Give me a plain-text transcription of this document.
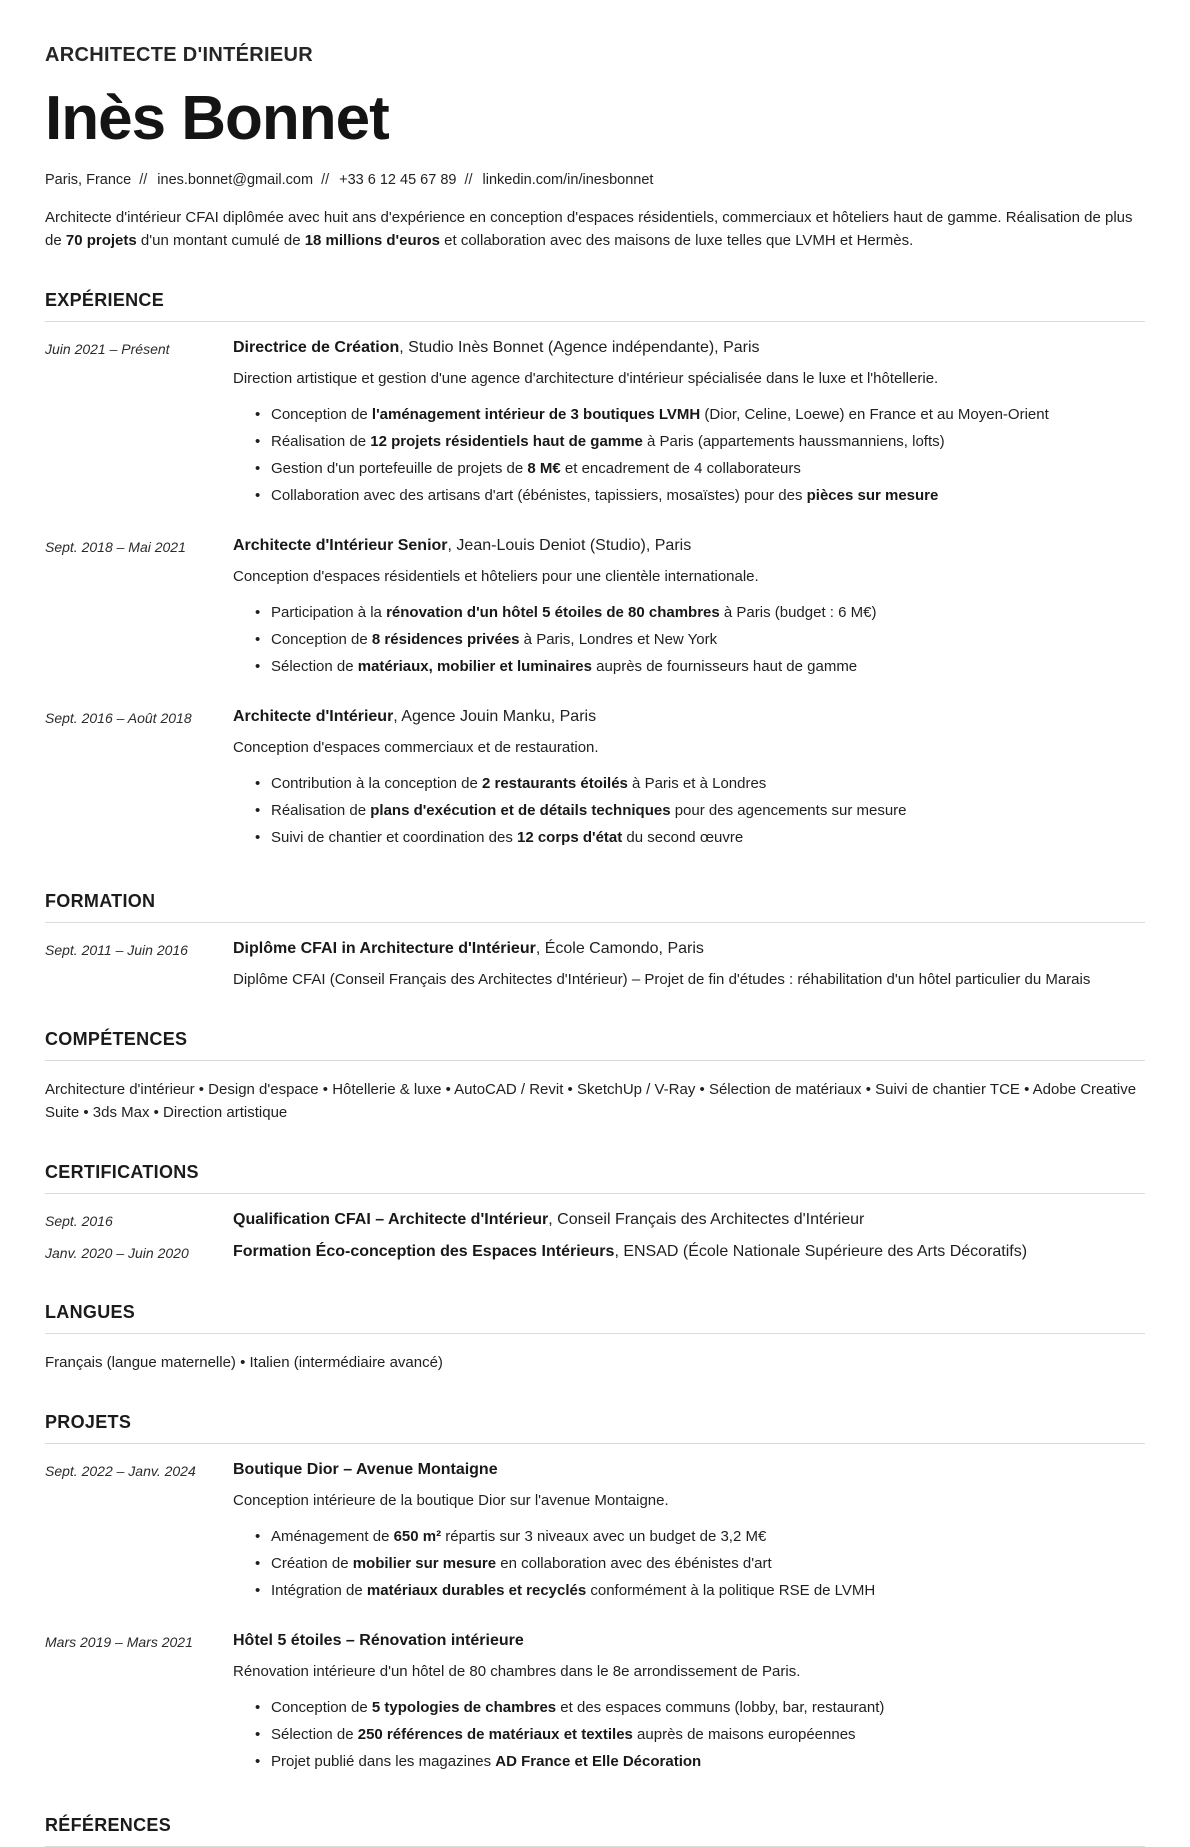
ARCHITECTE D'INTÉRIEUR
Inès Bonnet
Paris, France // ines.bonnet@gmail.com // +33 6 12 45 67 89 // linkedin.com/in/inesbonnet

Architecte d'intérieur CFAI diplômée avec huit ans d'expérience en conception d'espaces résidentiels, commerciaux et hôteliers haut de gamme. Réalisation de plus de 70 projets d'un montant cumulé de 18 millions d'euros et collaboration avec des maisons de luxe telles que LVMH et Hermès.

EXPÉRIENCE
Juin 2021 – Présent	Directrice de Création, Studio Inès Bonnet (Agence indépendante), Paris

Direction artistique et gestion d'une agence d'architecture d'intérieur spécialisée dans le luxe et l'hôtellerie.

• Conception de l'aménagement intérieur de 3 boutiques LVMH (Dior, Celine, Loewe) en France et au Moyen-Orient
• Réalisation de 12 projets résidentiels haut de gamme à Paris (appartements haussmanniens, lofts)
• Gestion d'un portefeuille de projets de 8 M€ et encadrement de 4 collaborateurs
• Collaboration avec des artisans d'art (ébénistes, tapissiers, mosaïstes) pour des pièces sur mesure
Sept. 2018 – Mai 2021	Architecte d'Intérieur Senior, Jean-Louis Deniot (Studio), Paris

Conception d'espaces résidentiels et hôteliers pour une clientèle internationale.

• Participation à la rénovation d'un hôtel 5 étoiles de 80 chambres à Paris (budget : 6 M€)
• Conception de 8 résidences privées à Paris, Londres et New York
• Sélection de matériaux, mobilier et luminaires auprès de fournisseurs haut de gamme
Sept. 2016 – Août 2018	Architecte d'Intérieur, Agence Jouin Manku, Paris

Conception d'espaces commerciaux et de restauration.

• Contribution à la conception de 2 restaurants étoilés à Paris et à Londres
• Réalisation de plans d'exécution et de détails techniques pour des agencements sur mesure
• Suivi de chantier et coordination des 12 corps d'état du second œuvre
FORMATION
Sept. 2011 – Juin 2016	Diplôme CFAI in Architecture d'Intérieur, École Camondo, Paris

Diplôme CFAI (Conseil Français des Architectes d'Intérieur) – Projet de fin d'études : réhabilitation d'un hôtel particulier du Marais

COMPÉTENCES

Architecture d'intérieur • Design d'espace • Hôtellerie & luxe • AutoCAD / Revit • SketchUp / V-Ray • Sélection de matériaux • Suivi de chantier TCE • Adobe Creative Suite • 3ds Max • Direction artistique

CERTIFICATIONS
Sept. 2016	Qualification CFAI – Architecte d'Intérieur, Conseil Français des Architectes d'Intérieur
Janv. 2020 – Juin 2020	Formation Éco-conception des Espaces Intérieurs, ENSAD (École Nationale Supérieure des Arts Décoratifs)
LANGUES

Français (langue maternelle) • Italien (intermédiaire avancé)

PROJETS
Sept. 2022 – Janv. 2024	Boutique Dior – Avenue Montaigne

Conception intérieure de la boutique Dior sur l'avenue Montaigne.

• Aménagement de 650 m² répartis sur 3 niveaux avec un budget de 3,2 M€
• Création de mobilier sur mesure en collaboration avec des ébénistes d'art
• Intégration de matériaux durables et recyclés conformément à la politique RSE de LVMH
Mars 2019 – Mars 2021	Hôtel 5 étoiles – Rénovation intérieure

Rénovation intérieure d'un hôtel de 80 chambres dans le 8e arrondissement de Paris.

• Conception de 5 typologies de chambres et des espaces communs (lobby, bar, restaurant)
• Sélection de 250 références de matériaux et textiles auprès de maisons européennes
• Projet publié dans les magazines AD France et Elle Décoration
RÉFÉRENCES
